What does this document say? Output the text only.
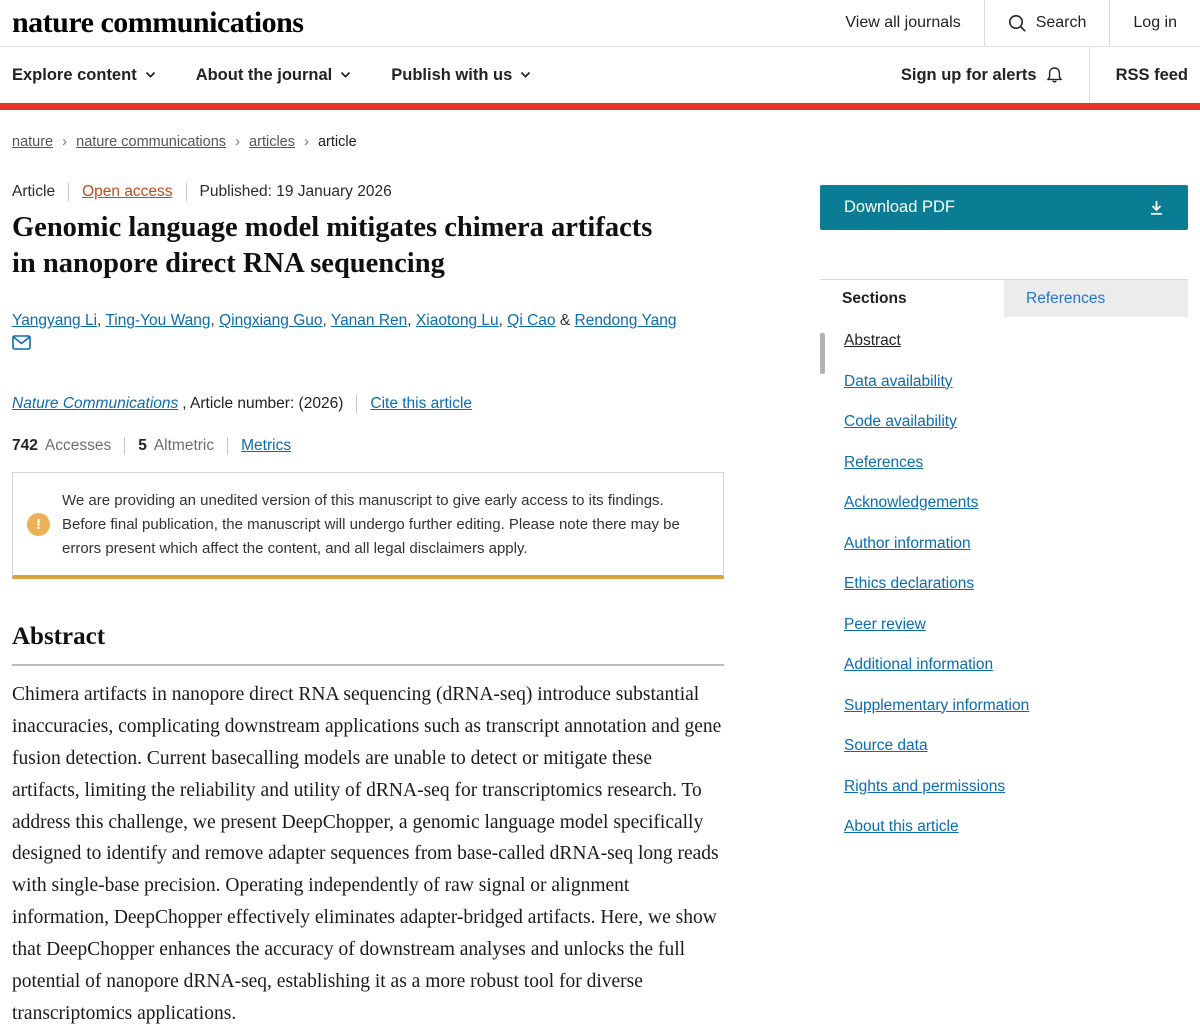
nature communications	View all journals	Search	Log in
Explore content	About the journal	Publish with us	Sign up for alerts	RSS feed
nature › nature communications › articles › article
Article Open access Published: 19 January 2026
Genomic language model mitigates chimera artifacts in nanopore direct RNA sequencing
Yangyang Li, Ting-You Wang, Qingxiang Guo, Yanan Ren, Xiaotong Lu, Qi Cao & Rendong Yang
Nature Communications , Article number: (2026) Cite this article
742 Accesses 5 Altmetric Metrics
!
We are providing an unedited version of this manuscript to give early access to its findings. Before final publication, the manuscript will undergo further editing. Please note there may be errors present which affect the content, and all legal disclaimers apply.
Abstract

Chimera artifacts in nanopore direct RNA sequencing (dRNA-seq) introduce substantial inaccuracies, complicating downstream applications such as transcript annotation and gene fusion detection. Current basecalling models are unable to detect or mitigate these artifacts, limiting the reliability and utility of dRNA-seq for transcriptomics research. To address this challenge, we present DeepChopper, a genomic language model specifically designed to identify and remove adapter sequences from base-called dRNA-seq long reads with single-base precision. Operating independently of raw signal or alignment information, DeepChopper effectively eliminates adapter-bridged artifacts. Here, we show that DeepChopper enhances the accuracy of downstream analyses and unlocks the full potential of nanopore dRNA-seq, establishing it as a more robust tool for diverse transcriptomics applications.

Download PDF
Sections	References
Abstract
Data availability
Code availability
References
Acknowledgements
Author information
Ethics declarations
Peer review
Additional information
Supplementary information
Source data
Rights and permissions
About this article
